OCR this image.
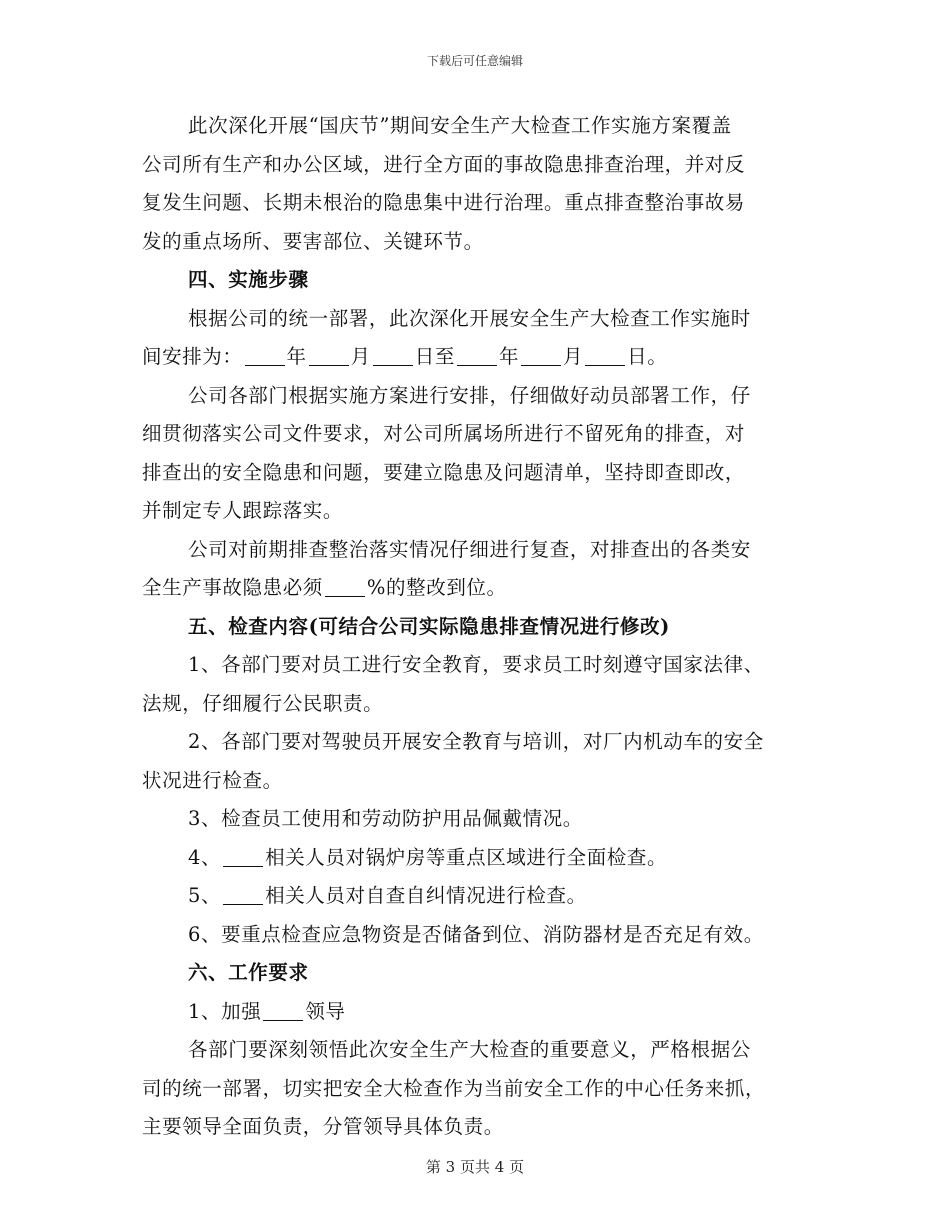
下载后可任意编辑
此次深化开展“国庆节”期间安全生产大检查工作实施方案覆盖
公司所有生产和办公区域，进行全方面的事故隐患排查治理，并对反
复发生问题、长期未根治的隐患集中进行治理。重点排查整治事故易
发的重点场所、要害部位、关键环节。
四、实施步骤
根据公司的统一部署，此次深化开展安全生产大检查工作实施时
间安排为： 年 月 日至 年 月 日。
公司各部门根据实施方案进行安排，仔细做好动员部署工作，仔
细贯彻落实公司文件要求，对公司所属场所进行不留死角的排查，对
排查出的安全隐患和问题，要建立隐患及问题清单，坚持即查即改，
并制定专人跟踪落实。
公司对前期排查整治落实情况仔细进行复查，对排查出的各类安
全生产事故隐患必须 %的整改到位。
五、检查内容(可结合公司实际隐患排查情况进行修改)
1、各部门要对员工进行安全教育，要求员工时刻遵守国家法律、
法规，仔细履行公民职责。
2、各部门要对驾驶员开展安全教育与培训，对厂内机动车的安全
状况进行检查。
3、检查员工使用和劳动防护用品佩戴情况。
4、 相关人员对锅炉房等重点区域进行全面检查。
5、 相关人员对自查自纠情况进行检查。
6、要重点检查应急物资是否储备到位、消防器材是否充足有效。
六、工作要求
1、加强 领导
各部门要深刻领悟此次安全生产大检查的重要意义，严格根据公
司的统一部署，切实把安全大检查作为当前安全工作的中心任务来抓，
主要领导全面负责，分管领导具体负责。
第 3 页共 4 页
